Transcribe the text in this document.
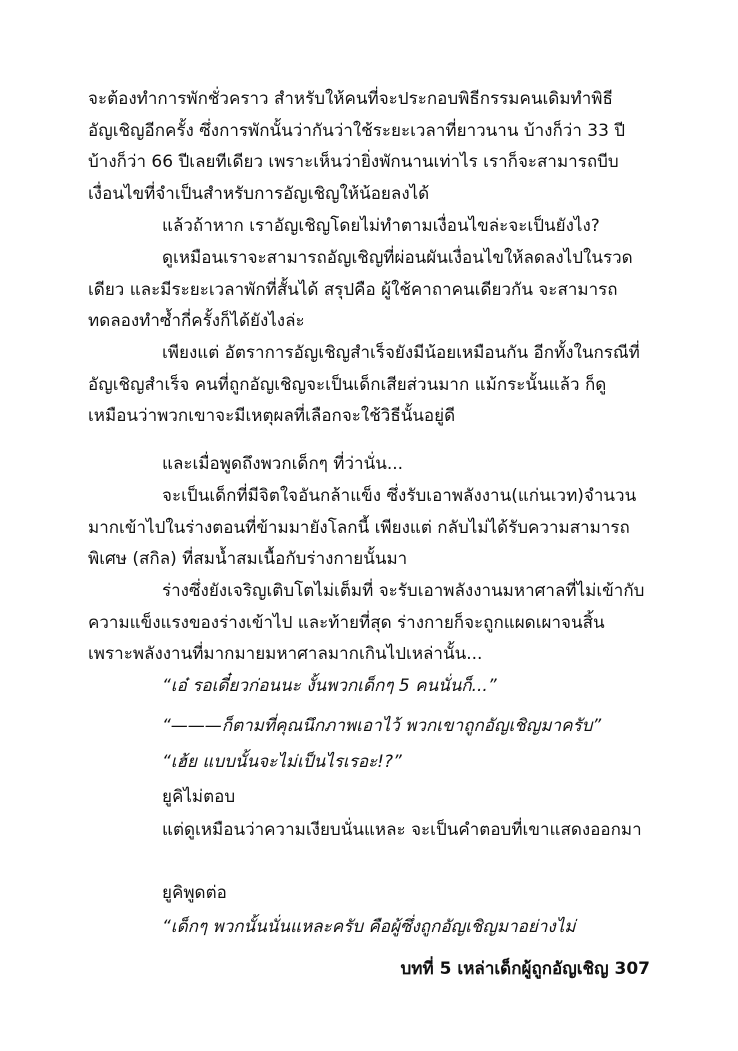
จะต้องทำการพักชั่วคราว สำหรับให้คนที่จะประกอบพิธีกรรมคนเดิมทำพิธีอัญเชิญอีกครั้ง ซึ่งการพักนั้นว่ากันว่าใช้ระยะเวลาที่ยาวนาน บ้างก็ว่า 33 ปี บ้างก็ว่า 66 ปีเลยทีเดียว เพราะเห็นว่ายิ่งพักนานเท่าไร เราก็จะสามารถบีบเงื่อนไขที่จำเป็นสำหรับการอัญเชิญให้น้อยลงได้
แล้วถ้าหาก เราอัญเชิญโดยไม่ทำตามเงื่อนไขล่ะจะเป็นยังไง?
ดูเหมือนเราจะสามารถอัญเชิญที่ผ่อนผันเงื่อนไขให้ลดลงไปในรวดเดียว และมีระยะเวลาพักที่สั้นได้ สรุปคือ ผู้ใช้คาถาคนเดียวกัน จะสามารถทดลองทำซ้ำกี่ครั้งก็ได้ยังไงล่ะ
เพียงแต่ อัตราการอัญเชิญสำเร็จยังมีน้อยเหมือนกัน อีกทั้งในกรณีที่อัญเชิญสำเร็จ คนที่ถูกอัญเชิญจะเป็นเด็กเสียส่วนมาก แม้กระนั้นแล้ว ก็ดูเหมือนว่าพวกเขาจะมีเหตุผลที่เลือกจะใช้วิธีนั้นอยู่ดี
และเมื่อพูดถึงพวกเด็กๆ ที่ว่านั่น...
จะเป็นเด็กที่มีจิตใจอันกล้าแข็ง ซึ่งรับเอาพลังงาน(แก่นเวท)จำนวนมากเข้าไปในร่างตอนที่ข้ามมายังโลกนี้ เพียงแต่ กลับไม่ได้รับความสามารถพิเศษ (สกิล) ที่สมน้ำสมเนื้อกับร่างกายนั้นมา
ร่างซึ่งยังเจริญเติบโตไม่เต็มที่ จะรับเอาพลังงานมหาศาลที่ไม่เข้ากับความแข็งแรงของร่างเข้าไป และท้ายที่สุด ร่างกายก็จะถูกแผดเผาจนสิ้น เพราะพลังงานที่มากมายมหาศาลมากเกินไปเหล่านั้น...
“เอ๋ รอเดี๋ยวก่อนนะ งั้นพวกเด็กๆ 5 คนนั่นก็...”
“———ก็ตามที่คุณนึกภาพเอาไว้ พวกเขาถูกอัญเชิญมาครับ”
“เฮ้ย แบบนั้นจะไม่เป็นไรเรอะ!?”
ยูคิไม่ตอบ
แต่ดูเหมือนว่าความเงียบนั่นแหละ จะเป็นคำตอบที่เขาแสดงออกมา
ยูคิพูดต่อ
“เด็กๆ พวกนั้นนั่นแหละครับ คือผู้ซึ่งถูกอัญเชิญมาอย่างไม่
บทที่ 5 เหล่าเด็กผู้ถูกอัญเชิญ 307
